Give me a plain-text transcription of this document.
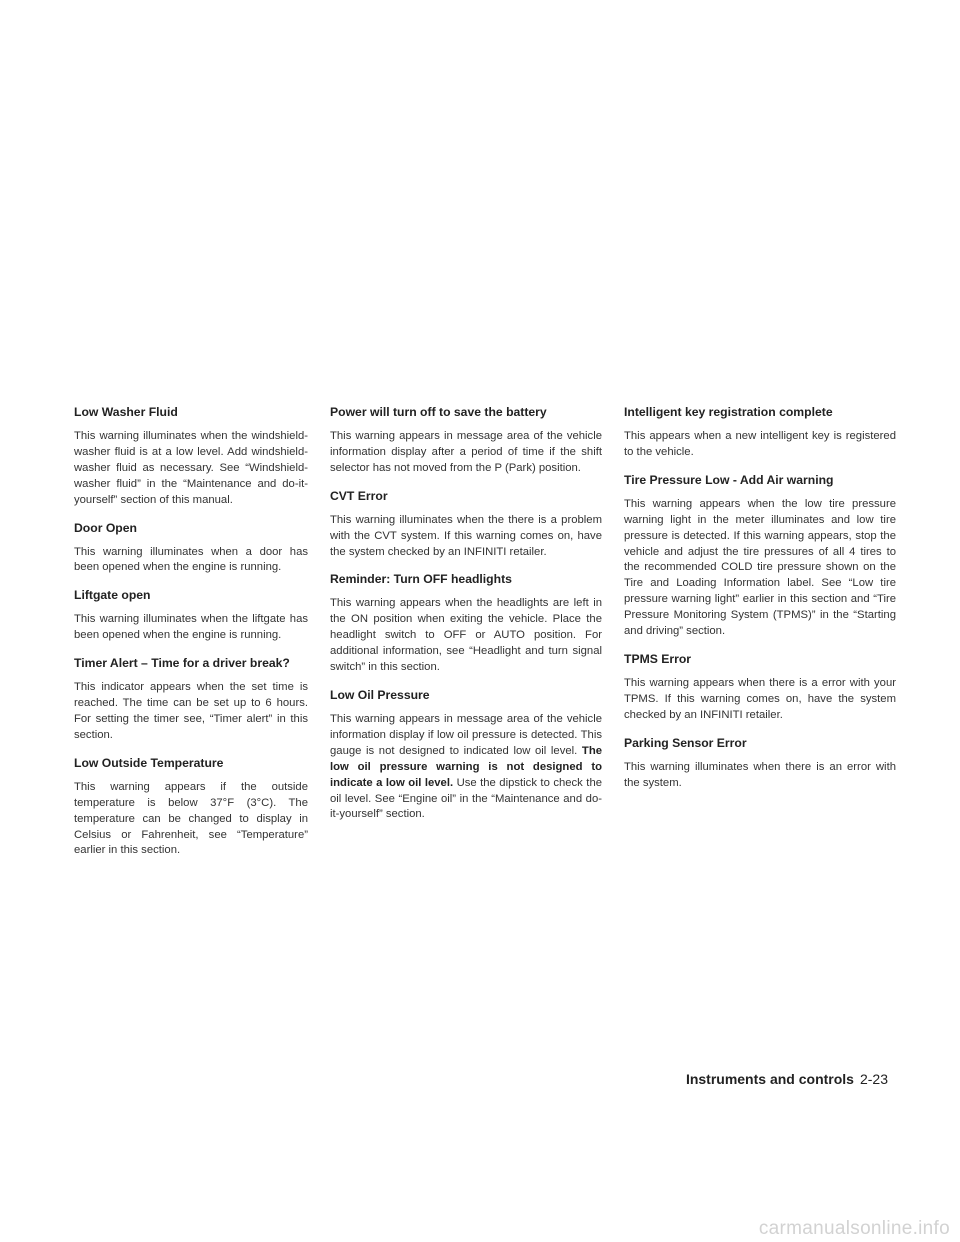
Low Washer Fluid

This warning illuminates when the windshield-washer fluid is at a low level. Add windshield-washer fluid as necessary. See “Windshield-washer fluid” in the “Maintenance and do-it-yourself” section of this manual.

Door Open

This warning illuminates when a door has been opened when the engine is running.

Liftgate open

This warning illuminates when the liftgate has been opened when the engine is running.

Timer Alert – Time for a driver break?

This indicator appears when the set time is reached. The time can be set up to 6 hours. For setting the timer see, “Timer alert” in this section.

Low Outside Temperature

This warning appears if the outside temperature is below 37°F (3°C). The temperature can be changed to display in Celsius or Fahrenheit, see “Temperature” earlier in this section.

Power will turn off to save the battery

This warning appears in message area of the vehicle information display after a period of time if the shift selector has not moved from the P (Park) position.

CVT Error

This warning illuminates when the there is a problem with the CVT system. If this warning comes on, have the system checked by an INFINITI retailer.

Reminder: Turn OFF headlights

This warning appears when the headlights are left in the ON position when exiting the vehicle. Place the headlight switch to OFF or AUTO position. For additional information, see “Headlight and turn signal switch” in this section.

Low Oil Pressure

This warning appears in message area of the vehicle information display if low oil pressure is detected. This gauge is not designed to indicated low oil level. The low oil pressure warning is not designed to indicate a low oil level. Use the dipstick to check the oil level. See “Engine oil” in the “Maintenance and do-it-yourself” section.

Intelligent key registration complete

This appears when a new intelligent key is registered to the vehicle.

Tire Pressure Low - Add Air warning

This warning appears when the low tire pressure warning light in the meter illuminates and low tire pressure is detected. If this warning appears, stop the vehicle and adjust the tire pressures of all 4 tires to the recommended COLD tire pressure shown on the Tire and Loading Information label. See “Low tire pressure warning light” earlier in this section and “Tire Pressure Monitoring System (TPMS)” in the “Starting and driving” section.

TPMS Error

This warning appears when there is a error with your TPMS. If this warning comes on, have the system checked by an INFINITI retailer.

Parking Sensor Error

This warning illuminates when there is an error with the system.

Instruments and controls 2-23
carmanualsonline.info
